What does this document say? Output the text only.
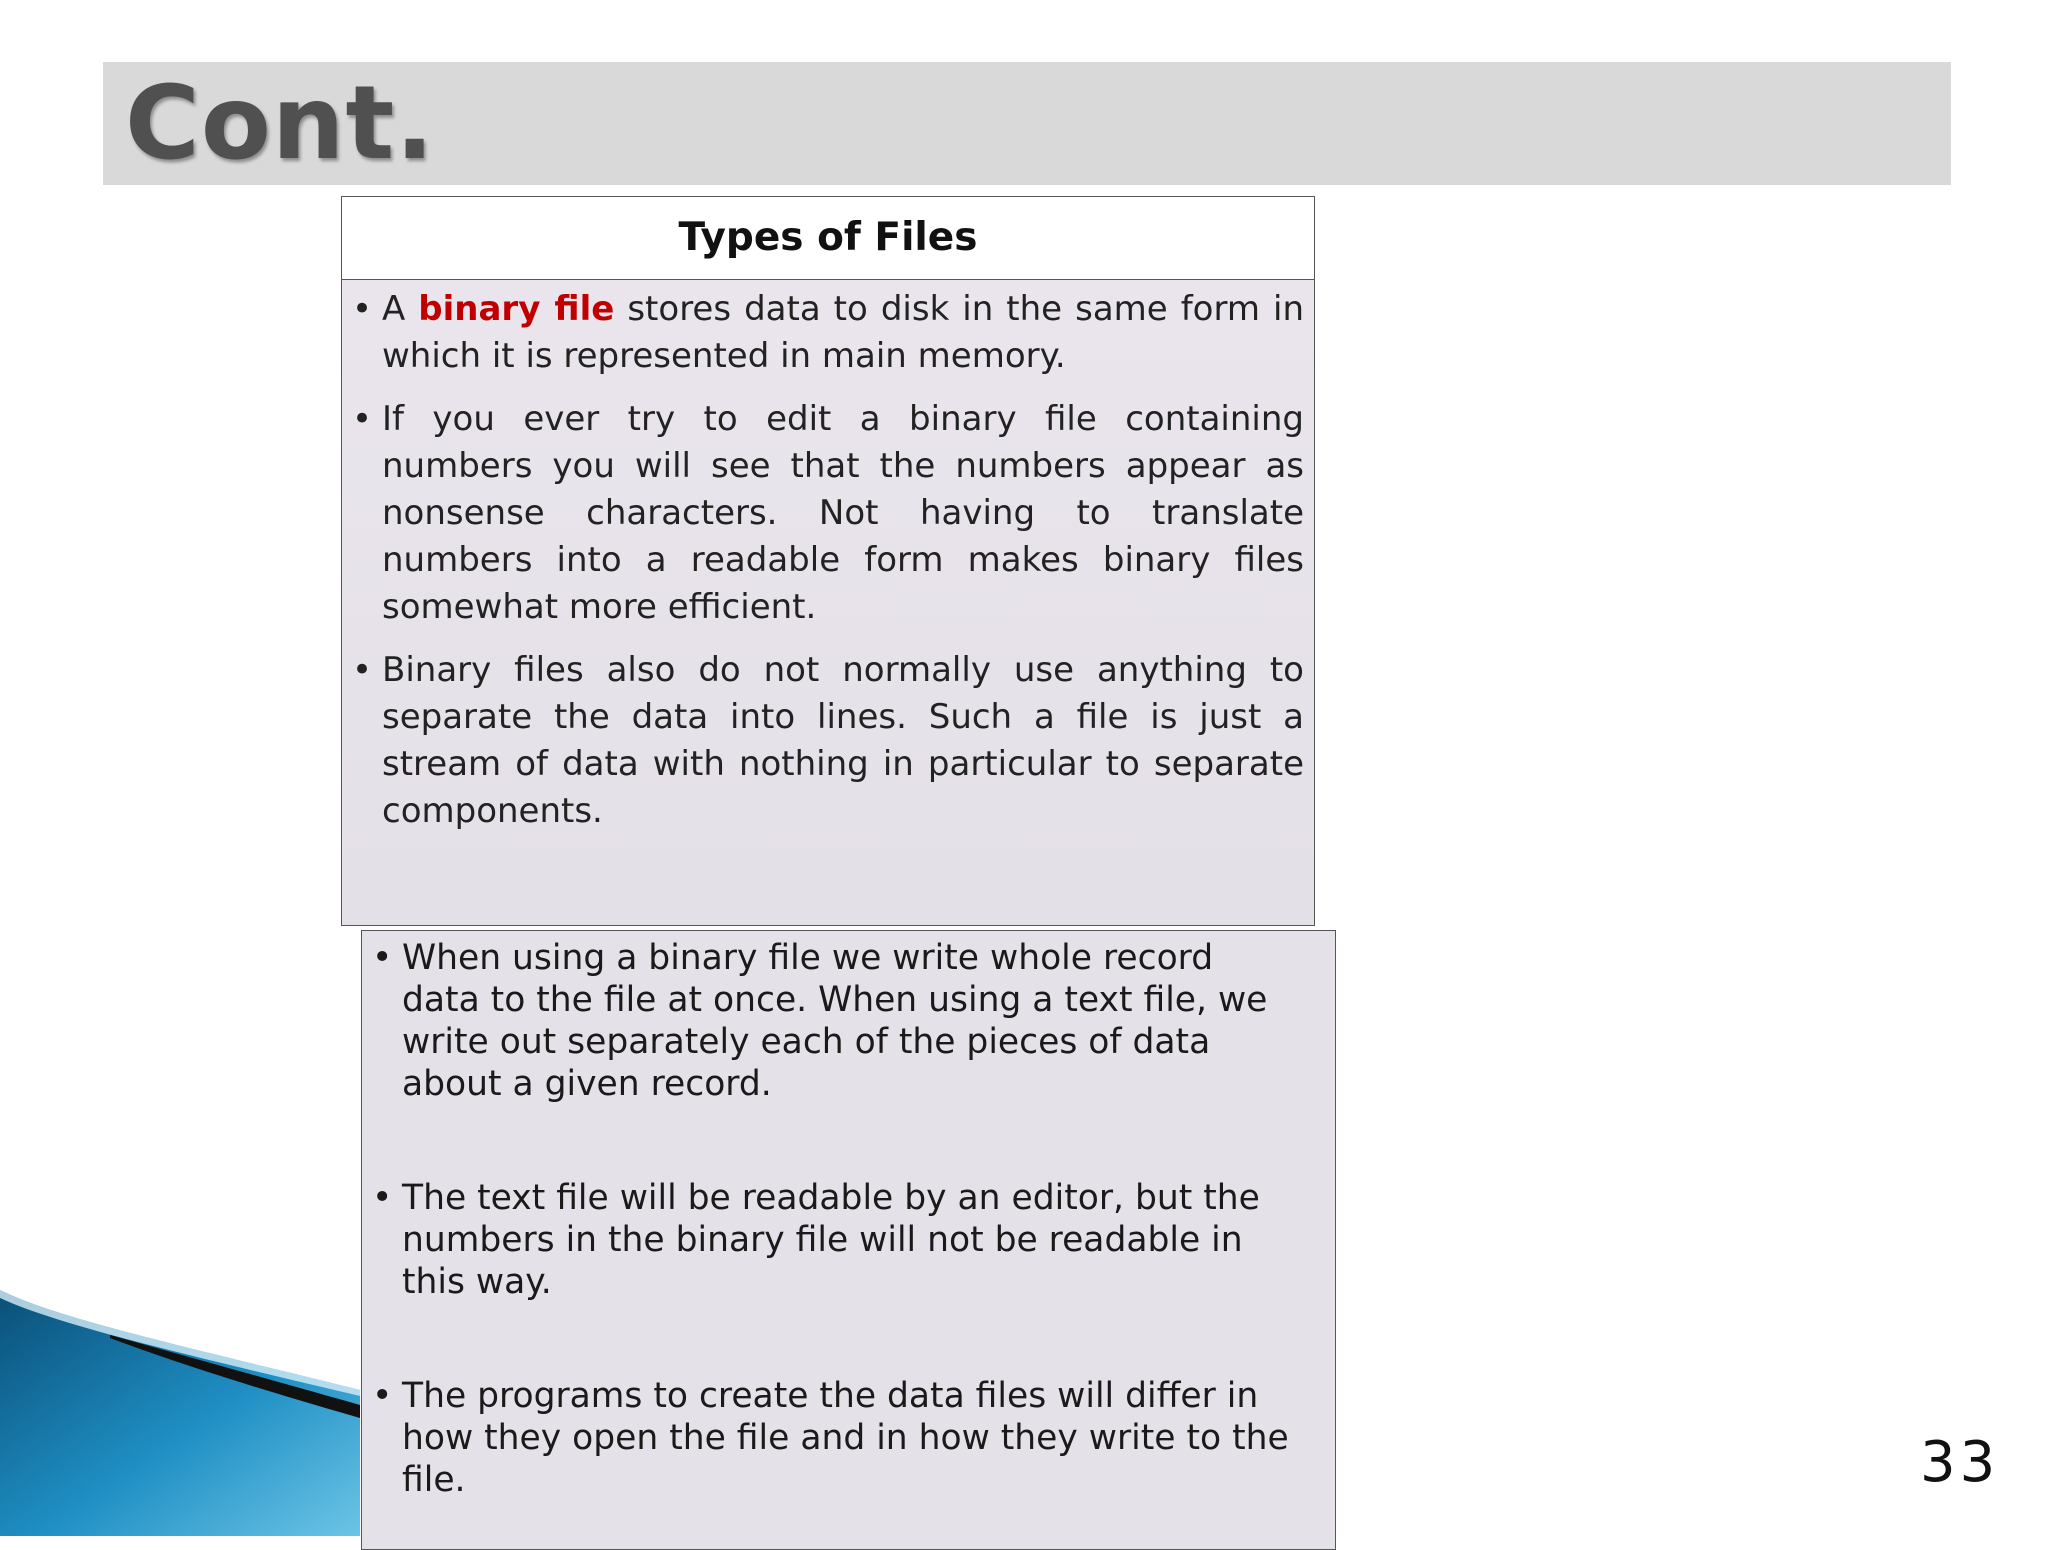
Cont.
Types of Files
• A binary file stores data to disk in the same form in which it is represented in main memory.
• If you ever try to edit a binary file containing numbers you will see that the numbers appear as nonsense characters. Not having to translate numbers into a readable form makes binary files somewhat more efficient.
• Binary files also do not normally use anything to separate the data into lines. Such a file is just a stream of data with nothing in particular to separate components.
• When using a binary file we write whole record
data to the file at once. When using a text file, we
write out separately each of the pieces of data
about a given record.
• The text file will be readable by an editor, but the
numbers in the binary file will not be readable in
this way.
• The programs to create the data files will differ in
how they open the file and in how they write to the
file.	33
